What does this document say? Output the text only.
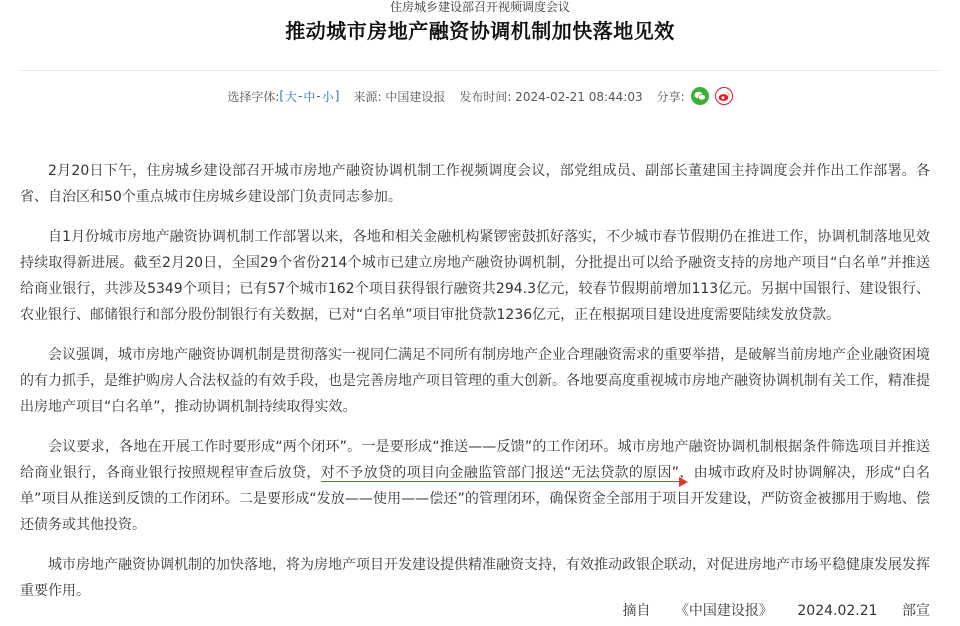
住房城乡建设部召开视频调度会议
推动城市房地产融资协调机制加快落地见效
选择字体: [ 大 - 中 - 小 ] 来源: 中国建设报 发布时间: 2024-02-21 08:44:03 分享:

2月20日下午，住房城乡建设部召开城市房地产融资协调机制工作视频调度会议，部党组成员、副部长董建国主持调度会并作出工作部署。各省、自治区和50个重点城市住房城乡建设部门负责同志参加。

自1月份城市房地产融资协调机制工作部署以来，各地和相关金融机构紧锣密鼓抓好落实，不少城市春节假期仍在推进工作，协调机制落地见效持续取得新进展。截至2月20日，全国29个省份214个城市已建立房地产融资协调机制，分批提出可以给予融资支持的房地产项目“白名单”并推送给商业银行，共涉及5349个项目；已有57个城市162个项目获得银行融资共294.3亿元，较春节假期前增加113亿元。另据中国银行、建设银行、农业银行、邮储银行和部分股份制银行有关数据，已对“白名单”项目审批贷款1236亿元，正在根据项目建设进度需要陆续发放贷款。

会议强调，城市房地产融资协调机制是贯彻落实一视同仁满足不同所有制房地产企业合理融资需求的重要举措，是破解当前房地产企业融资困境的有力抓手，是维护购房人合法权益的有效手段，也是完善房地产项目管理的重大创新。各地要高度重视城市房地产融资协调机制有关工作，精准提出房地产项目“白名单”，推动协调机制持续取得实效。

会议要求，各地在开展工作时要形成“两个闭环”。一是要形成“推送——反馈”的工作闭环。城市房地产融资协调机制根据条件筛选项目并推送给商业银行，各商业银行按照规程审查后放贷，对不予放贷的项目向金融监管部门报送“无法贷款的原因”
，由城市政府及时协调解决，形成“白名单”项目从推送到反馈的工作闭环。二是要形成“发放——使用——偿还”的管理闭环，确保资金全部用于项目开发建设，严防资金被挪用于购地、偿还债务或其他投资。

城市房地产融资协调机制的加快落地，将为房地产项目开发建设提供精准融资支持，有效推动政银企联动，对促进房地产市场平稳健康发展发挥重要作用。

摘自 《中国建设报》 2024.02.21 部宣
